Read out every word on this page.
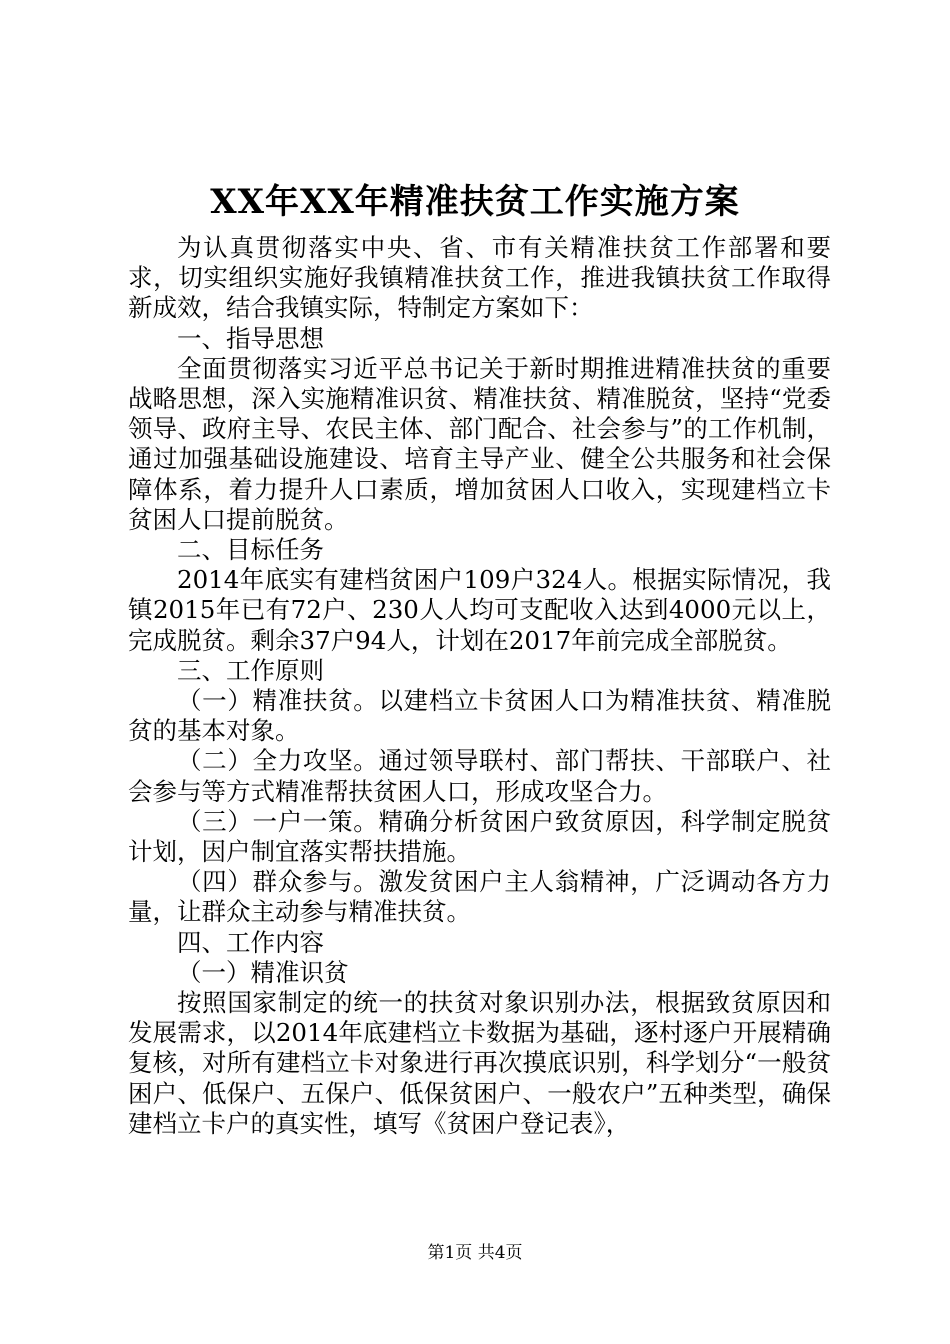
XX年XX年精准扶贫工作实施方案

为认真贯彻落实中央、省、市有关精准扶贫工作部署和要求，切实组织实施好我镇精准扶贫工作，推进我镇扶贫工作取得新成效，结合我镇实际，特制定方案如下：

一、指导思想

全面贯彻落实习近平总书记关于新时期推进精准扶贫的重要战略思想，深入实施精准识贫、精准扶贫、精准脱贫，坚持“党委领导、政府主导、农民主体、部门配合、社会参与”的工作机制，通过加强基础设施建设、培育主导产业、健全公共服务和社会保障体系，着力提升人口素质，增加贫困人口收入，实现建档立卡贫困人口提前脱贫。

二、目标任务

2014年底实有建档贫困户109户324人。根据实际情况，我镇2015年已有72户、230人人均可支配收入达到4000元以上，完成脱贫。剩余37户94人，计划在2017年前完成全部脱贫。

三、工作原则

（一）精准扶贫。以建档立卡贫困人口为精准扶贫、精准脱贫的基本对象。

（二）全力攻坚。通过领导联村、部门帮扶、干部联户、社会参与等方式精准帮扶贫困人口，形成攻坚合力。

（三）一户一策。精确分析贫困户致贫原因，科学制定脱贫计划，因户制宜落实帮扶措施。

（四）群众参与。激发贫困户主人翁精神，广泛调动各方力量，让群众主动参与精准扶贫。

四、工作内容

（一）精准识贫

按照国家制定的统一的扶贫对象识别办法，根据致贫原因和发展需求，以2014年底建档立卡数据为基础，逐村逐户开展精确复核，对所有建档立卡对象进行再次摸底识别，科学划分“一般贫困户、低保户、五保户、低保贫困户、一般农户”五种类型，确保建档立卡户的真实性，填写《贫困户登记表》，

第1页 共4页
